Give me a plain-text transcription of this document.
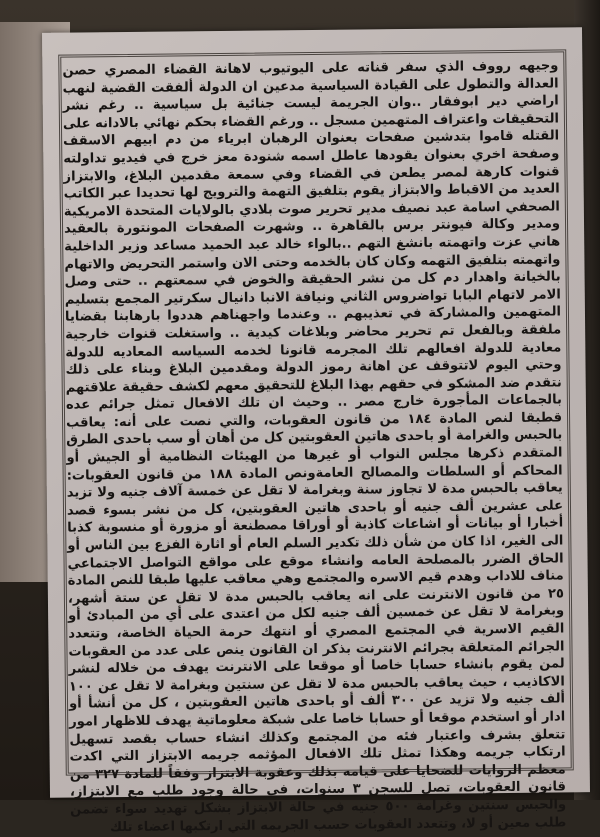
وجيهه رووف الذي سفر قناته على اليوتيوب لاهانة القضاء المصري حصن العدالة والتطول على القيادة السياسية مدعين ان الدولة ألفقت القضية لنهب اراضي دير ابوفقار ..وان الجريمة ليست جنائية بل سياسية .. رغم نشر التحقيقات واعتراف المتهمين مسجل .. ورغم القضاء بحكم نهائي بالادانه على القتله قاموا بتدشين صفحات بعنوان الرهبان ابرياء من دم ابيهم الاسقف وصفحة اخري بعنوان يقودها عاطل اسمه شنودة معز خرج في فيديو تداولته قنوات كارهة لمصر يطعن في القضاء وفي سمعة مقدمين البلاغ، والابتزاز العديد من الاقباط والابتزاز يقوم بتلفيق التهمة والترويج لها تحديدا عبر الكاتب الصحفي اسامة عبد نصيف مدير تحرير صوت بلادي بالولايات المتحدة الامريكية ومدير وكالة فيونتر برس بالقاهرة .. وشهرت الصفحات المونتورة بالعقيد هاني عزت واتهمته بانشغ التهم ..بالواء خالد عبد الحميد مساعد وزير الداخلية واتهمته بتلفيق التهمه وكان كان بالخدمه وحتى الان واستمر التحريض والاتهام بالخيانة واهدار دم كل من نشر الحقيقة والخوض في سمعتهم .. حتى وصل الامر لاتهام البابا تواضروس الثاني ونيافة الانبا دانيال سكرتير المجمع بتسليم المتهمين والمشاركة في تعذيبهم .. وعندما واجهناهم هددوا بارهابنا بقضايا ملفقة وبالفعل تم تحرير محاضر وبلاغات كيدية .. واستغلت قنوات خارجية معادية للدولة افعالهم تلك المجرمه قانونا لخدمه السياسه المعاديه للدولة وحتي اليوم لاتتوقف عن اهانة رموز الدولة ومقدمين البلاغ وبناء على ذلك نتقدم ضد المشكو في حقهم بهذا البلاغ للتحقيق معهم لكشف حقيقة علاقتهم بالجماعات المأجورة خارج مصر .. وحيث ان تلك الافعال تمثل جرائم عده قطبقا لنص المادة ١٨٤ من قانون العقوبات، والتي نصت على أنه: يعاقب بالحبس والغرامة أو باحدى هاتين العقوبتين كل من أهان أو سب باحدى الطرق المتقدم ذكرها مجلس النواب أو غيرها من الهيئات النظامية أو الجيش أو المحاكم أو السلطات والمصالح العامةونص المادة ١٨٨ من قانون العقوبات: يعاقب بالحبس مدة لا تجاوز سنة وبغرامة لا تقل عن خمسة آلاف جنيه ولا تزيد على عشرين ألف جنيه أو باحدى هاتين العقوبتين، كل من نشر بسوء قصد أخبارا أو بيانات أو اشاعات كاذبة أو أوراقا مصطنعة أو مزورة أو منسوبة كذبا الى الغير، اذا كان من شأن ذلك تكدير السلم العام أو اثارة الفزع بين الناس أو الحاق الضرر بالمصلحة العامه وانشاء موقع على مواقع التواصل الاجتماعي مناف للاداب وهدم قيم الاسره والمجتمع وهي معاقب عليها طبقا للنص المادة ٢٥ من قانون الانترنت على انه يعاقب بالحبس مدة لا تقل عن ستة أشهر، وبغرامة لا تقل عن خمسين ألف جنيه لكل من اعتدى على أي من المبادئ أو القيم الاسرية في المجتمع المصري أو انتهك حرمة الحياة الخاصة، وتتعدد الجرائم المتعلقة بجرائم الانترنت بذكر ان القانون ينص على عدد من العقوبات لمن يقوم بانشاء حسابا خاصا أو موقعا على الانترنت يهدف من خلاله لنشر الاكاذيب ، حيث يعاقب بالحبس مدة لا تقل عن سنتين وبغرامة لا تقل عن ١٠٠ ألف جنيه ولا تزيد عن ٣٠٠ ألف أو باحدى هاتين العقوبتين ، كل من أنشأ أو ادار أو استخدم موقعا أو حسابا خاصا على شبكة معلوماتية يهدف للاظهار امور تتعلق بشرف واعتبار فئه من المجتمع وكذلك انشاء حساب بقصد تسهيل ارتكاب جريمه وهكذا تمثل تلك الافعال المؤثمه جريمه الابتزاز التي اكدت معظم الروايات للضحايا على قيامه بذلك وعقوبة الابتزاز وفقاً للمادة ٣٢٧ من قانون العقوبات، تصل للسجن ٣ سنوات، في حالة وجود طلب مع الابتزاز، والحبس سنتين وغرامة ٥٠٠ جنيه في حالة الابتزاز بشكل تهديد سواء تضمن طلب معين أو لا، وتتعدد العقوبات حسب الجريمه التي ارتكبها اعضاء تلك
